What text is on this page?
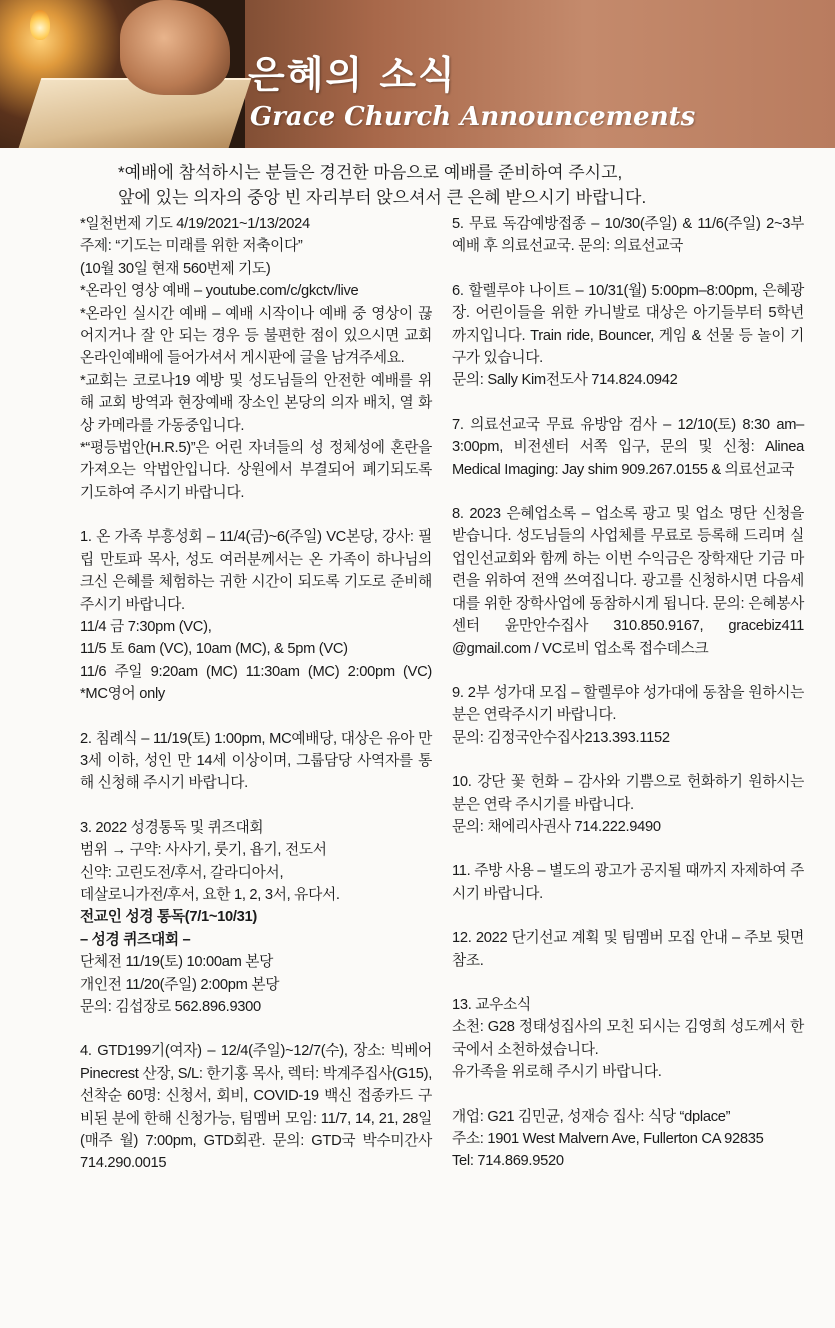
은혜의 소식
Grace Church Announcements

*예배에 참석하시는 분들은 경건한 마음으로 예배를 준비하여 주시고,

앞에 있는 의자의 중앙 빈 자리부터 앉으셔서 큰 은혜 받으시기 바랍니다.

*일천번제 기도 4/19/2021~1/13/2024

주제: “기도는 미래를 위한 저축이다”

(10월 30일 현재 560번제 기도)

*온라인 영상 예배 – youtube.com/c/gkctv/live

*온라인 실시간 예배 – 예배 시작이나 예배 중 영상이 끊어지거나 잘 안 되는 경우 등 불편한 점이 있으시면 교회 온라인예배에 들어가셔서 게시판에 글을 남겨주세요.

*교회는 코로나19 예방 및 성도님들의 안전한 예배를 위해 교회 방역과 현장예배 장소인 본당의 의자 배치, 열 화상 카메라를 가동중입니다.

*“평등법안(H.R.5)”은 어린 자녀들의 성 정체성에 혼란을 가져오는 악법안입니다. 상원에서 부결되어 폐기되도록 기도하여 주시기 바랍니다.

1. 온 가족 부흥성회 – 11/4(금)~6(주일) VC본당, 강사: 필립 만토파 목사, 성도 여러분께서는 온 가족이 하나님의 크신 은혜를 체험하는 귀한 시간이 되도록 기도로 준비해 주시기 바랍니다.

11/4 금 7:30pm (VC),

11/5 토 6am (VC), 10am (MC), & 5pm (VC)

11/6 주일 9:20am (MC) 11:30am (MC) 2:00pm (VC) *MC영어 only

2. 침례식 – 11/19(토) 1:00pm, MC예배당, 대상은 유아 만 3세 이하, 성인 만 14세 이상이며, 그룹담당 사역자를 통해 신청해 주시기 바랍니다.

3. 2022 성경통독 및 퀴즈대회

범위 → 구약: 사사기, 룻기, 욥기, 전도서

신약: 고린도전/후서, 갈라디아서,

데살로니가전/후서, 요한 1, 2, 3서, 유다서.

전교인 성경 통독(7/1~10/31)

– 성경 퀴즈대회 –

단체전 11/19(토) 10:00am 본당

개인전 11/20(주일) 2:00pm 본당

문의: 김섭장로 562.896.9300

4. GTD199기(여자) – 12/4(주일)~12/7(수), 장소: 빅베어 Pinecrest 산장, S/L: 한기홍 목사, 렉터: 박계주집사(G15), 선착순 60명: 신청서, 회비, COVID-19 백신 접종카드 구비된 분에 한해 신청가능, 팀멤버 모임: 11/7, 14, 21, 28일(매주 월) 7:00pm, GTD회관. 문의: GTD국 박수미간사 714.290.0015

5. 무료 독감예방접종 – 10/30(주일) & 11/6(주일) 2~3부 예배 후 의료선교국. 문의: 의료선교국

6. 할렐루야 나이트 – 10/31(월) 5:00pm–8:00pm, 은혜광장. 어린이들을 위한 카니발로 대상은 아기들부터 5학년까지입니다. Train ride, Bouncer, 게임 & 선물 등 놀이 기구가 있습니다.

문의: Sally Kim전도사 714.824.0942

7. 의료선교국 무료 유방암 검사 – 12/10(토) 8:30 am–3:00pm, 비전센터 서쪽 입구, 문의 및 신청: Alinea Medical Imaging: Jay shim 909.267.0155 & 의료선교국

8. 2023 은혜업소록 – 업소록 광고 및 업소 명단 신청을 받습니다. 성도님들의 사업체를 무료로 등록해 드리며 실업인선교회와 함께 하는 이번 수익금은 장학재단 기금 마련을 위하여 전액 쓰여집니다. 광고를 신청하시면 다음세대를 위한 장학사업에 동참하시게 됩니다. 문의: 은혜봉사센터 윤만안수집사 310.850.9167, gracebiz411 @gmail.com / VC로비 업소록 접수데스크

9. 2부 성가대 모집 – 할렐루야 성가대에 동참을 원하시는 분은 연락주시기 바랍니다.

문의: 김정국안수집사213.393.1152

10. 강단 꽃 헌화 – 감사와 기쁨으로 헌화하기 원하시는 분은 연락 주시기를 바랍니다.

문의: 채에리사권사 714.222.9490

11. 주방 사용 – 별도의 광고가 공지될 때까지 자제하여 주시기 바랍니다.

12. 2022 단기선교 계획 및 팀멤버 모집 안내 – 주보 뒷면 참조.

13. 교우소식

소천: G28 정태성집사의 모친 되시는 김영희 성도께서 한국에서 소천하셨습니다.

유가족을 위로해 주시기 바랍니다.

개업: G21 김민균, 성재승 집사: 식당 “dplace”

주소: 1901 West Malvern Ave, Fullerton CA 92835

Tel: 714.869.9520
